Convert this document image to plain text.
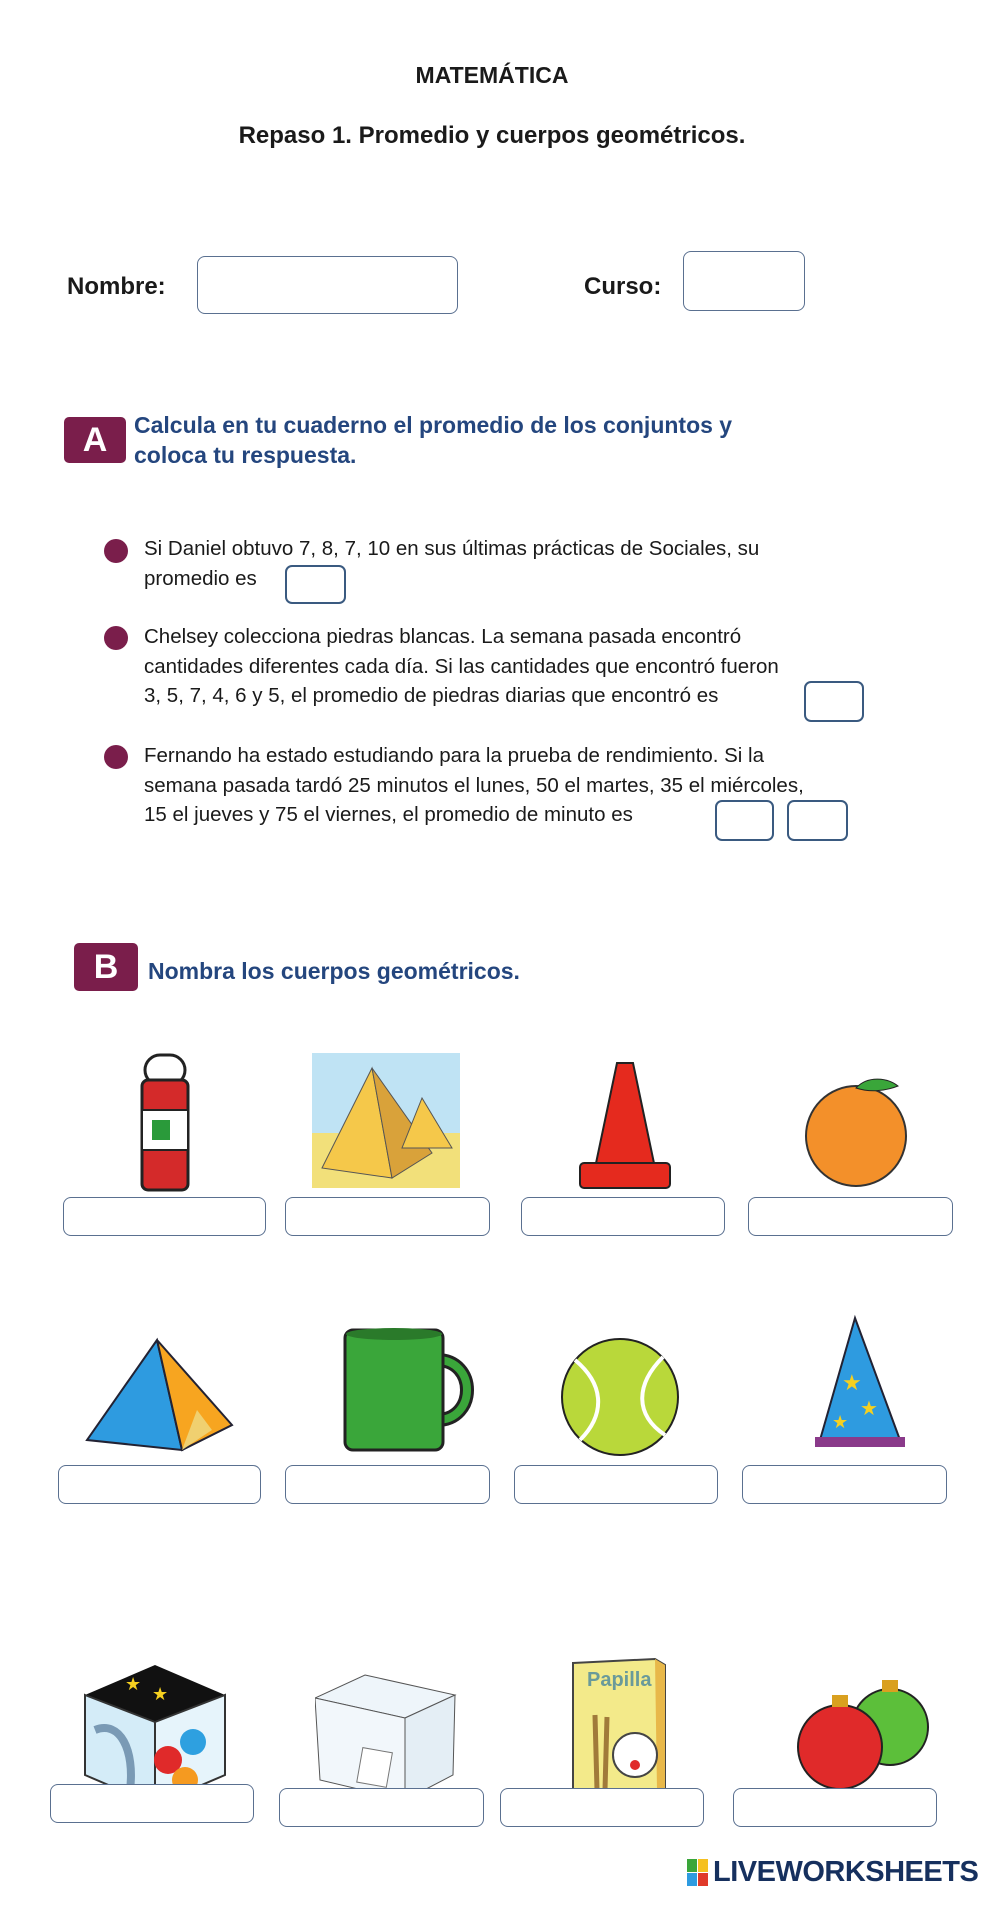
MATEMÁTICA
Repaso 1. Promedio y cuerpos geométricos.
Nombre:	Curso:
A	Calcula en tu cuaderno el promedio de los conjuntos y
coloca tu respuesta.
Si Daniel obtuvo 7, 8, 7, 10 en sus últimas prácticas de Sociales, su
promedio es
Chelsey colecciona piedras blancas. La semana pasada encontró
cantidades diferentes cada día. Si las cantidades que encontró fueron
3, 5, 7, 4, 6 y 5, el promedio de piedras diarias que encontró es
Fernando ha estado estudiando para la prueba de rendimiento. Si la
semana pasada tardó 25 minutos el lunes, 50 el martes, 35 el miércoles,
15 el jueves y 75 el viernes, el promedio de minuto es
B	Nombra los cuerpos geométricos.
★
★
★
★ ★
Papilla
LIVEWORKSHEETS
